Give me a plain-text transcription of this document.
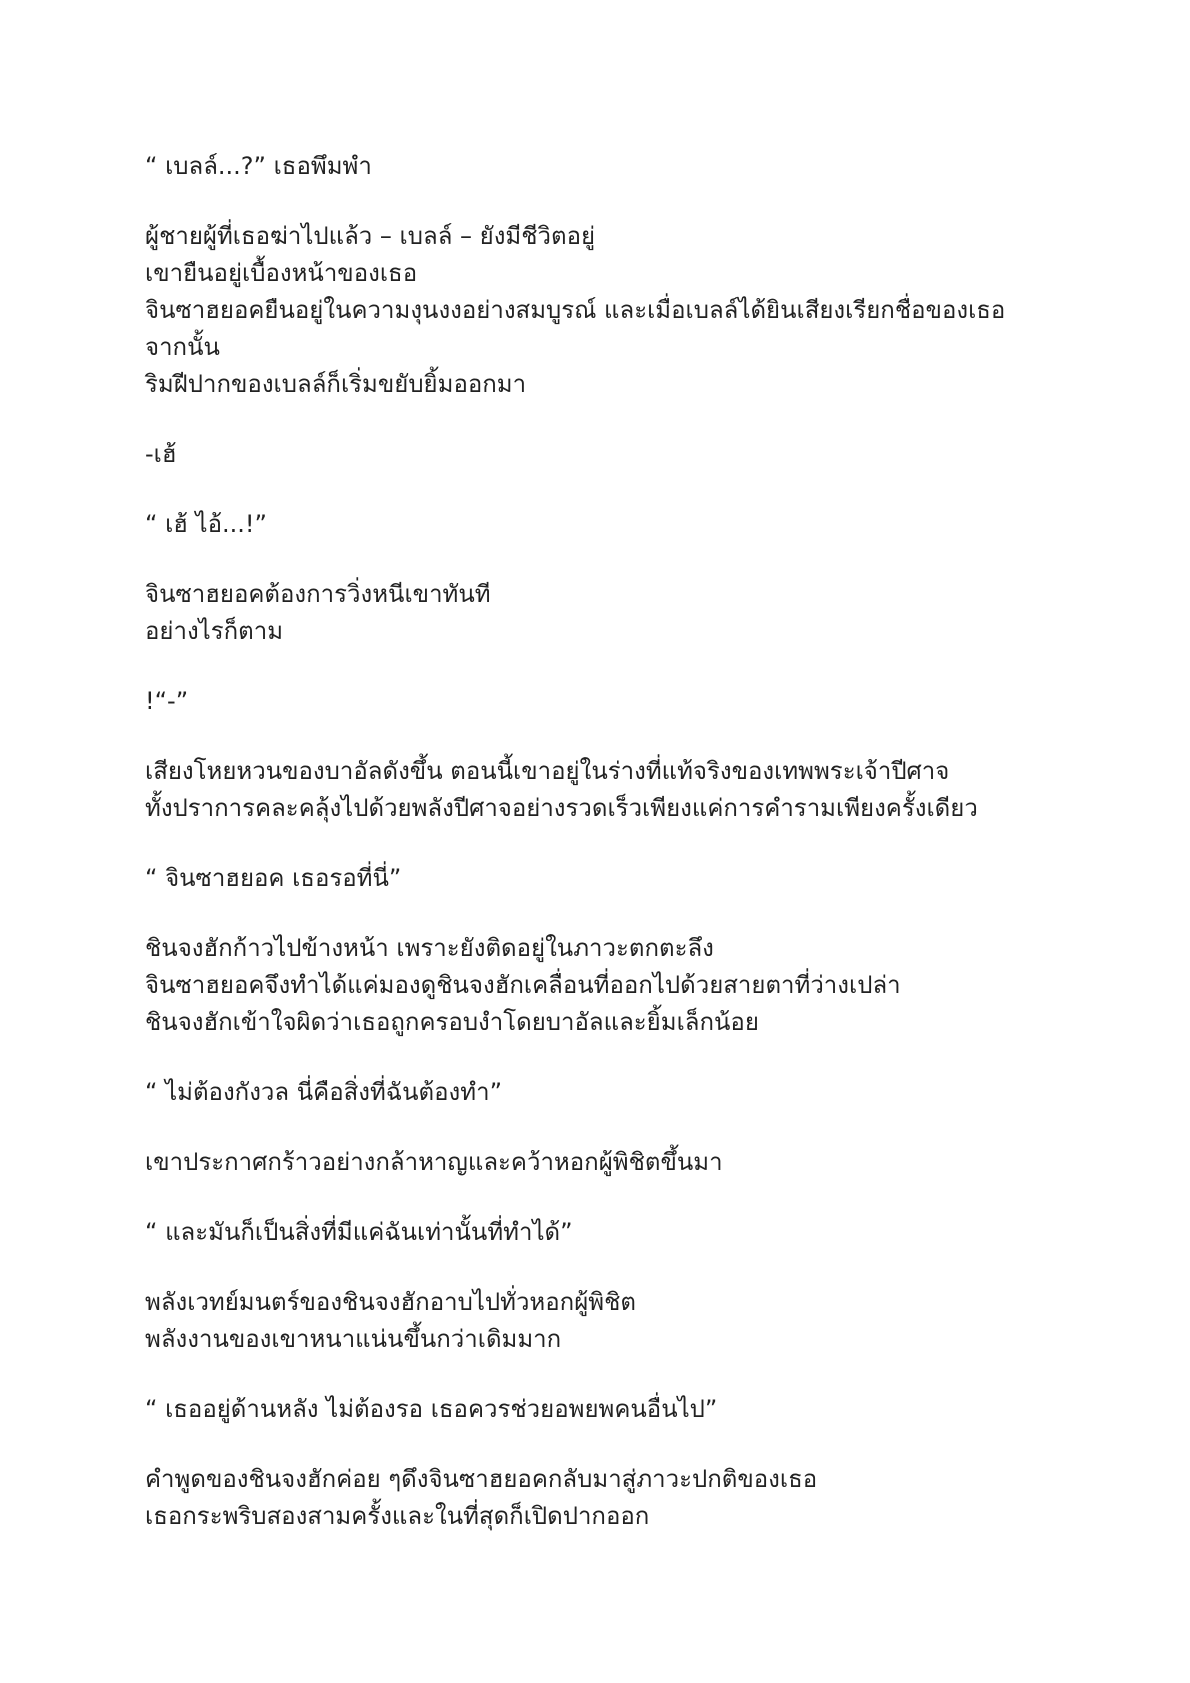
“ เบลล์...?” เธอพึมพำ
ผู้ชายผู้ที่เธอฆ่าไปแล้ว – เบลล์ – ยังมีชีวิตอยู่
เขายืนอยู่เบื้องหน้าของเธอ
จินซาฮยอคยืนอยู่ในความงุนงงอย่างสมบูรณ์ และเมื่อเบลล์ได้ยินเสียงเรียกชื่อของเธอ
จากนั้น
ริมฝีปากของเบลล์ก็เริ่มขยับยิ้มออกมา
-เฮ้
“ เฮ้ ไอ้...!”
จินซาฮยอคต้องการวิ่งหนีเขาทันที
อย่างไรก็ตาม
!“-”
เสียงโหยหวนของบาอัลดังขึ้น ตอนนี้เขาอยู่ในร่างที่แท้จริงของเทพพระเจ้าปีศาจ
ทั้งปราการคละคลุ้งไปด้วยพลังปีศาจอย่างรวดเร็วเพียงแค่การคำรามเพียงครั้งเดียว
“ จินซาฮยอค เธอรอที่นี่”
ชินจงฮักก้าวไปข้างหน้า เพราะยังติดอยู่ในภาวะตกตะลึง
จินซาฮยอคจึงทำได้แค่มองดูชินจงฮักเคลื่อนที่ออกไปด้วยสายตาที่ว่างเปล่า
ชินจงฮักเข้าใจผิดว่าเธอถูกครอบงำโดยบาอัลและยิ้มเล็กน้อย
“ ไม่ต้องกังวล นี่คือสิ่งที่ฉันต้องทำ”
เขาประกาศกร้าวอย่างกล้าหาญและคว้าหอกผู้พิชิตขึ้นมา
“ และมันก็เป็นสิ่งที่มีแค่ฉันเท่านั้นที่ทำได้”
พลังเวทย์มนตร์ของชินจงฮักอาบไปทั่วหอกผู้พิชิต
พลังงานของเขาหนาแน่นขึ้นกว่าเดิมมาก
“ เธออยู่ด้านหลัง ไม่ต้องรอ เธอควรช่วยอพยพคนอื่นไป”
คำพูดของชินจงฮักค่อย ๆดึงจินซาฮยอคกลับมาสู่ภาวะปกติของเธอ
เธอกระพริบสองสามครั้งและในที่สุดก็เปิดปากออก
